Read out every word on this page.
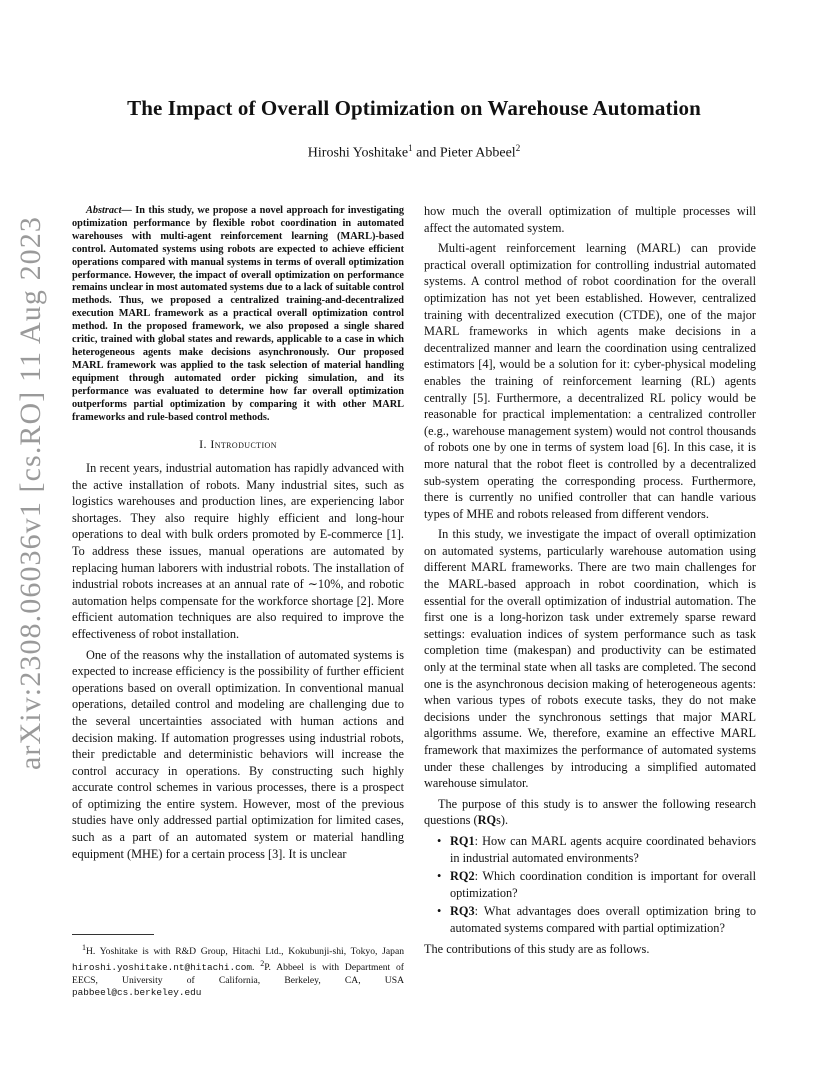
arXiv:2308.06036v1 [cs.RO] 11 Aug 2023
The Impact of Overall Optimization on Warehouse Automation
Hiroshi Yoshitake$^1$ and Pieter Abbeel$^2$

Abstract— In this study, we propose a novel approach for investigating optimization performance by flexible robot coordination in automated warehouses with multi-agent reinforcement learning (MARL)-based control. Automated systems using robots are expected to achieve efficient operations compared with manual systems in terms of overall optimization performance. However, the impact of overall optimization on performance remains unclear in most automated systems due to a lack of suitable control methods. Thus, we proposed a centralized training-and-decentralized execution MARL framework as a practical overall optimization control method. In the proposed framework, we also proposed a single shared critic, trained with global states and rewards, applicable to a case in which heterogeneous agents make decisions asynchronously. Our proposed MARL framework was applied to the task selection of material handling equipment through automated order picking simulation, and its performance was evaluated to determine how far overall optimization outperforms partial optimization by comparing it with other MARL frameworks and rule-based control methods.

I. Introduction

In recent years, industrial automation has rapidly advanced with the active installation of robots. Many industrial sites, such as logistics warehouses and production lines, are experiencing labor shortages. They also require highly efficient and long-hour operations to deal with bulk orders promoted by E-commerce [1]. To address these issues, manual operations are automated by replacing human laborers with industrial robots. The installation of industrial robots increases at an annual rate of ∼10%, and robotic automation helps compensate for the workforce shortage [2]. More efficient automation techniques are also required to improve the effectiveness of robot installation.

One of the reasons why the installation of automated systems is expected to increase efficiency is the possibility of further efficient operations based on overall optimization. In conventional manual operations, detailed control and modeling are challenging due to the several uncertainties associated with human actions and decision making. If automation progresses using industrial robots, their predictable and deterministic behaviors will increase the control accuracy in operations. By constructing such highly accurate control schemes in various processes, there is a prospect of optimizing the entire system. However, most of the previous studies have only addressed partial optimization for limited cases, such as a part of an automated system or material handling equipment (MHE) for a certain process [3]. It is unclear

how much the overall optimization of multiple processes will affect the automated system.

Multi-agent reinforcement learning (MARL) can provide practical overall optimization for controlling industrial automated systems. A control method of robot coordination for the overall optimization has not yet been established. However, centralized training with decentralized execution (CTDE), one of the major MARL frameworks in which agents make decisions in a decentralized manner and learn the coordination using centralized estimators [4], would be a solution for it: cyber-physical modeling enables the training of reinforcement learning (RL) agents centrally [5]. Furthermore, a decentralized RL policy would be reasonable for practical implementation: a centralized controller (e.g., warehouse management system) would not control thousands of robots one by one in terms of system load [6]. In this case, it is more natural that the robot fleet is controlled by a decentralized sub-system operating the corresponding process. Furthermore, there is currently no unified controller that can handle various types of MHE and robots released from different vendors.

In this study, we investigate the impact of overall optimization on automated systems, particularly warehouse automation using different MARL frameworks. There are two main challenges for the MARL-based approach in robot coordination, which is essential for the overall optimization of industrial automation. The first one is a long-horizon task under extremely sparse reward settings: evaluation indices of system performance such as task completion time (makespan) and productivity can be estimated only at the terminal state when all tasks are completed. The second one is the asynchronous decision making of heterogeneous agents: when various types of robots execute tasks, they do not make decisions under the synchronous settings that major MARL algorithms assume. We, therefore, examine an effective MARL framework that maximizes the performance of automated systems under these challenges by introducing a simplified automated warehouse simulator.

The purpose of this study is to answer the following research questions (RQs).

• RQ1: How can MARL agents acquire coordinated behaviors in industrial automated environments?
• RQ2: Which coordination condition is important for overall optimization?
• RQ3: What advantages does overall optimization bring to automated systems compared with partial optimization?

The contributions of this study are as follows.

$^1$H. Yoshitake is with R&D Group, Hitachi Ltd., Kokubunji-shi, Tokyo, Japan hiroshi.yoshitake.nt@hitachi.com. $^2$P. Abbeel is with Department of EECS, University of California, Berkeley, CA, USA pabbeel@cs.berkeley.edu
